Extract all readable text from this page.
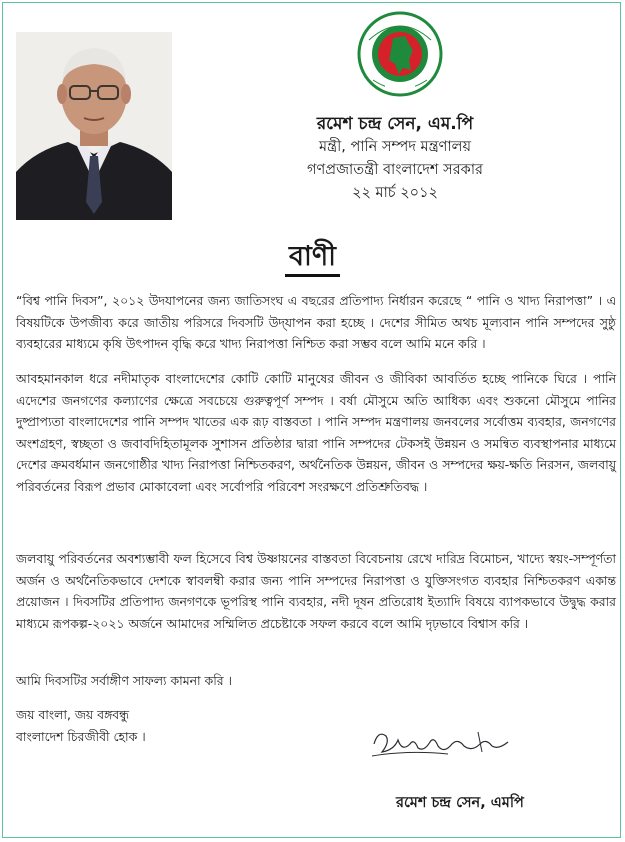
রমেশ চন্দ্র সেন, এম.পি
মন্ত্রী, পানি সম্পদ মন্ত্রণালয়
গণপ্রজাতন্ত্রী বাংলাদেশ সরকার
২২ মার্চ ২০১২
বাণী
“বিশ্ব পানি দিবস”, ২০১২ উদযাপনের জন্য জাতিসংঘ এ বছরের প্রতিপাদ্য নির্ধারন করেছে “ পানি ও খাদ্য নিরাপত্তা” । এ বিষয়টিকে উপজীব্য করে জাতীয় পরিসরে দিবসটি উদ্‌যাপন করা হচ্ছে । দেশের সীমিত অথচ মূল্যবান পানি সম্পদের সুষ্ঠু ব্যবহারের মাধ্যমে কৃষি উৎপাদন বৃদ্ধি করে খাদ্য নিরাপত্তা নিশ্চিত করা সম্ভব বলে আমি মনে করি ।
আবহমানকাল ধরে নদীমাতৃক বাংলাদেশের কোটি কোটি মানুষের জীবন ও জীবিকা আবর্তিত হচ্ছে পানিকে ঘিরে । পানি এদেশের জনগণের কল্যাণের ক্ষেত্রে সবচেয়ে গুরুত্বপূর্ণ সম্পদ । বর্ষা মৌসুমে অতি আধিক্য এবং শুকনো মৌসুমে পানির দুষ্প্রাপ্যতা বাংলাদেশের পানি সম্পদ খাতের এক রূঢ় বাস্তবতা । পানি সম্পদ মন্ত্রণালয় জনবলের সর্বোত্তম ব্যবহার, জনগণের অংশগ্রহণ, স্বচ্ছতা ও জবাবদিহিতামূলক সুশাসন প্রতিষ্ঠার দ্বারা পানি সম্পদের টেকসই উন্নয়ন ও সমন্বিত ব্যবস্থাপনার মাধ্যমে দেশের ক্রমবর্ধমান জনগোষ্ঠীর খাদ্য নিরাপত্তা নিশ্চিতকরণ, অর্থনৈতিক উন্নয়ন, জীবন ও সম্পদের ক্ষয়-ক্ষতি নিরসন, জলবায়ু পরিবর্তনের বিরূপ প্রভাব মোকাবেলা এবং সর্বোপরি পরিবেশ সংরক্ষণে প্রতিশ্রুতিবদ্ধ ।
জলবায়ু পরিবর্তনের অবশ্যম্ভাবী ফল হিসেবে বিশ্ব উষ্ণায়নের বাস্তবতা বিবেচনায় রেখে দারিদ্র বিমোচন, খাদ্যে স্বয়ং-সম্পূর্ণতা অর্জন ও অর্থনৈতিকভাবে দেশকে স্বাবলম্বী করার জন্য পানি সম্পদের নিরাপত্তা ও যুক্তিসংগত ব্যবহার নিশ্চিতকরণ একান্ত প্রয়োজন । দিবসটির প্রতিপাদ্য জনগণকে ভূপরিস্থ পানি ব্যবহার, নদী দূষন প্রতিরোধ ইত্যাদি বিষয়ে ব্যাপকভাবে উদ্বুদ্ধ করার মাধ্যমে রূপকল্প-২০২১ অর্জনে আমাদের সম্মিলিত প্রচেষ্টাকে সফল করবে বলে আমি দৃঢ়ভাবে বিশ্বাস করি ।
আমি দিবসটির সর্বাঙ্গীণ সাফল্য কামনা করি ।
জয় বাংলা, জয় বঙ্গবন্ধু
বাংলাদেশ চিরজীবী হোক ।
রমেশ চন্দ্র সেন, এমপি
